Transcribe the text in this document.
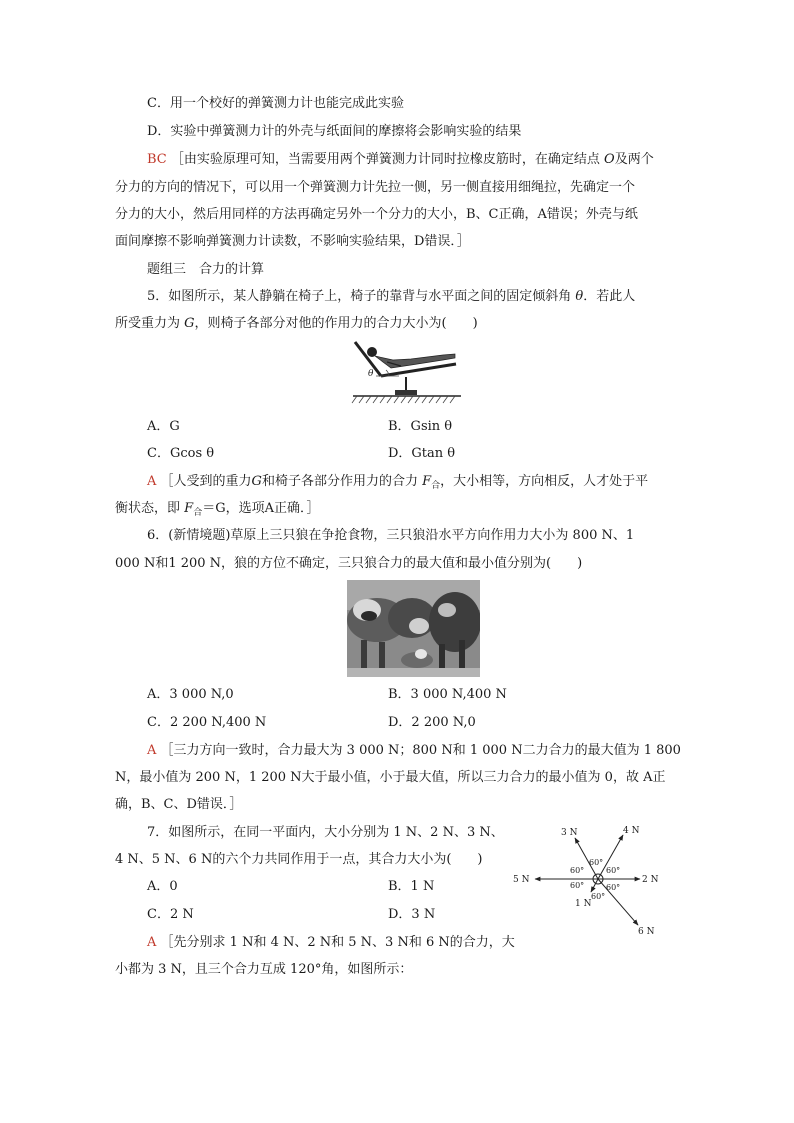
C．用一个校好的弹簧测力计也能完成此实验
D．实验中弹簧测力计的外壳与纸面间的摩擦将会影响实验的结果
BC ［由实验原理可知，当需要用两个弹簧测力计同时拉橡皮筋时，在确定结点 O及两个
分力的方向的情况下，可以用一个弹簧测力计先拉一侧，另一侧直接用细绳拉，先确定一个
分力的大小，然后用同样的方法再确定另外一个分力的大小，B、C正确，A错误；外壳与纸
面间摩擦不影响弹簧测力计读数，不影响实验结果，D错误．］
题组三　合力的计算
5．如图所示，某人静躺在椅子上，椅子的靠背与水平面之间的固定倾斜角 θ．若此人
所受重力为 G，则椅子各部分对他的作用力的合力大小为(　　)
θ
A．G	B．Gsin θ
C．Gcos θ	D．Gtan θ
A ［人受到的重力G和椅子各部分作用力的合力 $F_合$，大小相等，方向相反，人才处于平
衡状态，即 $F_合=G$，选项A正确．］
6．(新情境题)草原上三只狼在争抢食物，三只狼沿水平方向作用力大小为 800 N、1
000 N和1 200 N，狼的方位不确定，三只狼合力的最大值和最小值分别为(　　)
A．3 000 N,0	B．3 000 N,400 N
C．2 200 N,400 N	D．2 200 N,0
A ［三力方向一致时，合力最大为 3 000 N；800 N和 1 000 N二力合力的最大值为 1 800
N，最小值为 200 N，1 200 N大于最小值，小于最大值，所以三力合力的最小值为 0，故 A正
确，B、C、D错误．］
7．如图所示，在同一平面内，大小分别为 1 N、2 N、3 N、
4 N、5 N、6 N的六个力共同作用于一点，其合力大小为(　　)
A．0	B．1 N
C．2 N	D．3 N
A ［先分别求 1 N和 4 N、2 N和 5 N、3 N和 6 N的合力，大
小都为 3 N，且三个合力互成 120°角，如图所示：
3 N	4 N
2 N
5 N
1 N
6 N
60°
60°
60°
60°	60°
60°
